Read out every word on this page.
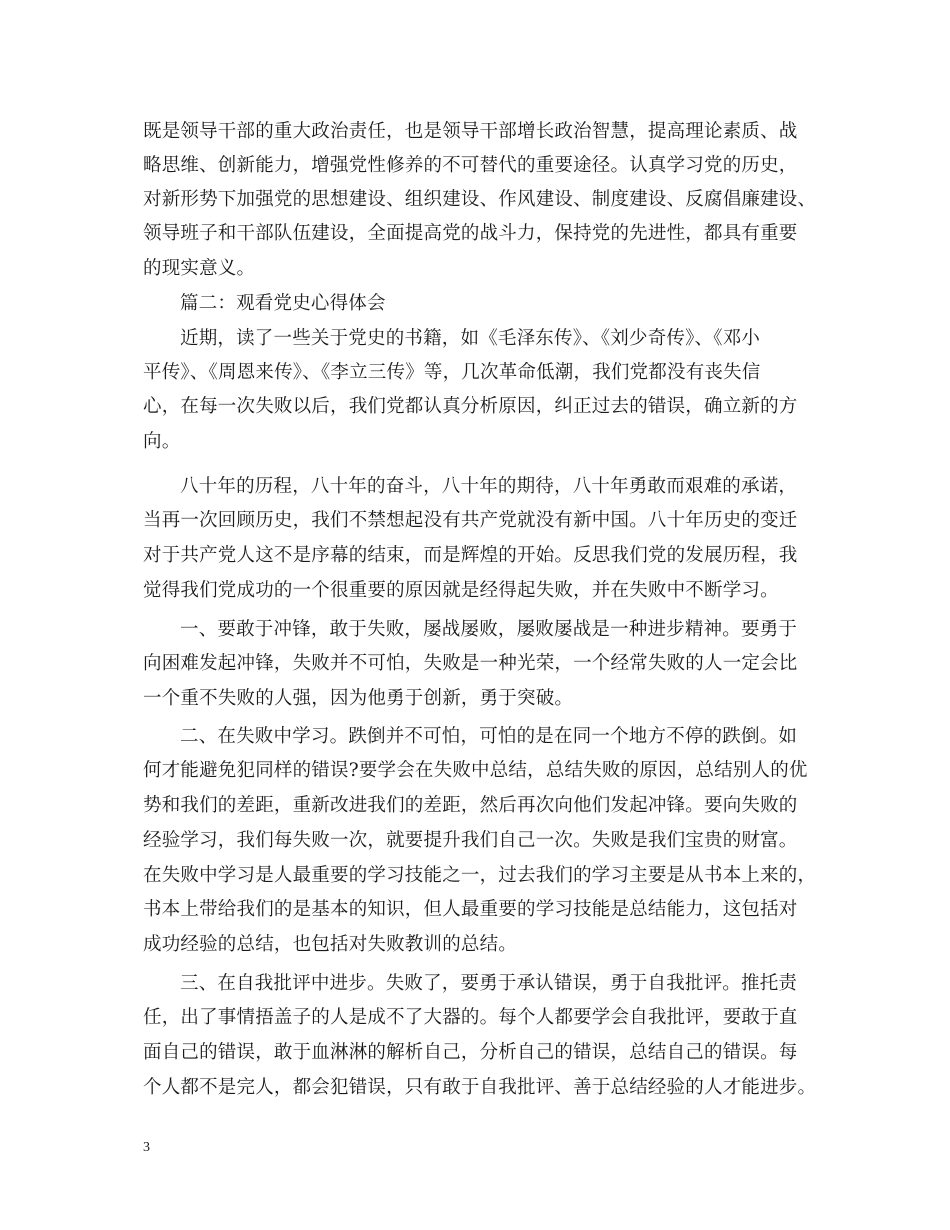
既是领导干部的重大政治责任，也是领导干部增长政治智慧，提高理论素质、战
略思维、创新能力，增强党性修养的不可替代的重要途径。认真学习党的历史，
对新形势下加强党的思想建设、组织建设、作风建设、制度建设、反腐倡廉建设、
领导班子和干部队伍建设，全面提高党的战斗力，保持党的先进性，都具有重要
的现实意义。
篇二：观看党史心得体会
近期，读了一些关于党史的书籍，如《毛泽东传》、《刘少奇传》、《邓小
平传》、《周恩来传》、《李立三传》等，几次革命低潮，我们党都没有丧失信
心，在每一次失败以后，我们党都认真分析原因，纠正过去的错误，确立新的方
向。
八十年的历程，八十年的奋斗，八十年的期待，八十年勇敢而艰难的承诺，
当再一次回顾历史，我们不禁想起没有共产党就没有新中国。八十年历史的变迁
对于共产党人这不是序幕的结束，而是辉煌的开始。反思我们党的发展历程，我
觉得我们党成功的一个很重要的原因就是经得起失败，并在失败中不断学习。
一、要敢于冲锋，敢于失败，屡战屡败，屡败屡战是一种进步精神。要勇于
向困难发起冲锋，失败并不可怕，失败是一种光荣，一个经常失败的人一定会比
一个重不失败的人强，因为他勇于创新，勇于突破。
二、在失败中学习。跌倒并不可怕，可怕的是在同一个地方不停的跌倒。如
何才能避免犯同样的错误?要学会在失败中总结，总结失败的原因，总结别人的优
势和我们的差距，重新改进我们的差距，然后再次向他们发起冲锋。要向失败的
经验学习，我们每失败一次，就要提升我们自己一次。失败是我们宝贵的财富。
在失败中学习是人最重要的学习技能之一，过去我们的学习主要是从书本上来的，
书本上带给我们的是基本的知识，但人最重要的学习技能是总结能力，这包括对
成功经验的总结，也包括对失败教训的总结。
三、在自我批评中进步。失败了，要勇于承认错误，勇于自我批评。推托责
任，出了事情捂盖子的人是成不了大器的。每个人都要学会自我批评，要敢于直
面自己的错误，敢于血淋淋的解析自己，分析自己的错误，总结自己的错误。每
个人都不是完人，都会犯错误，只有敢于自我批评、善于总结经验的人才能进步。
3
